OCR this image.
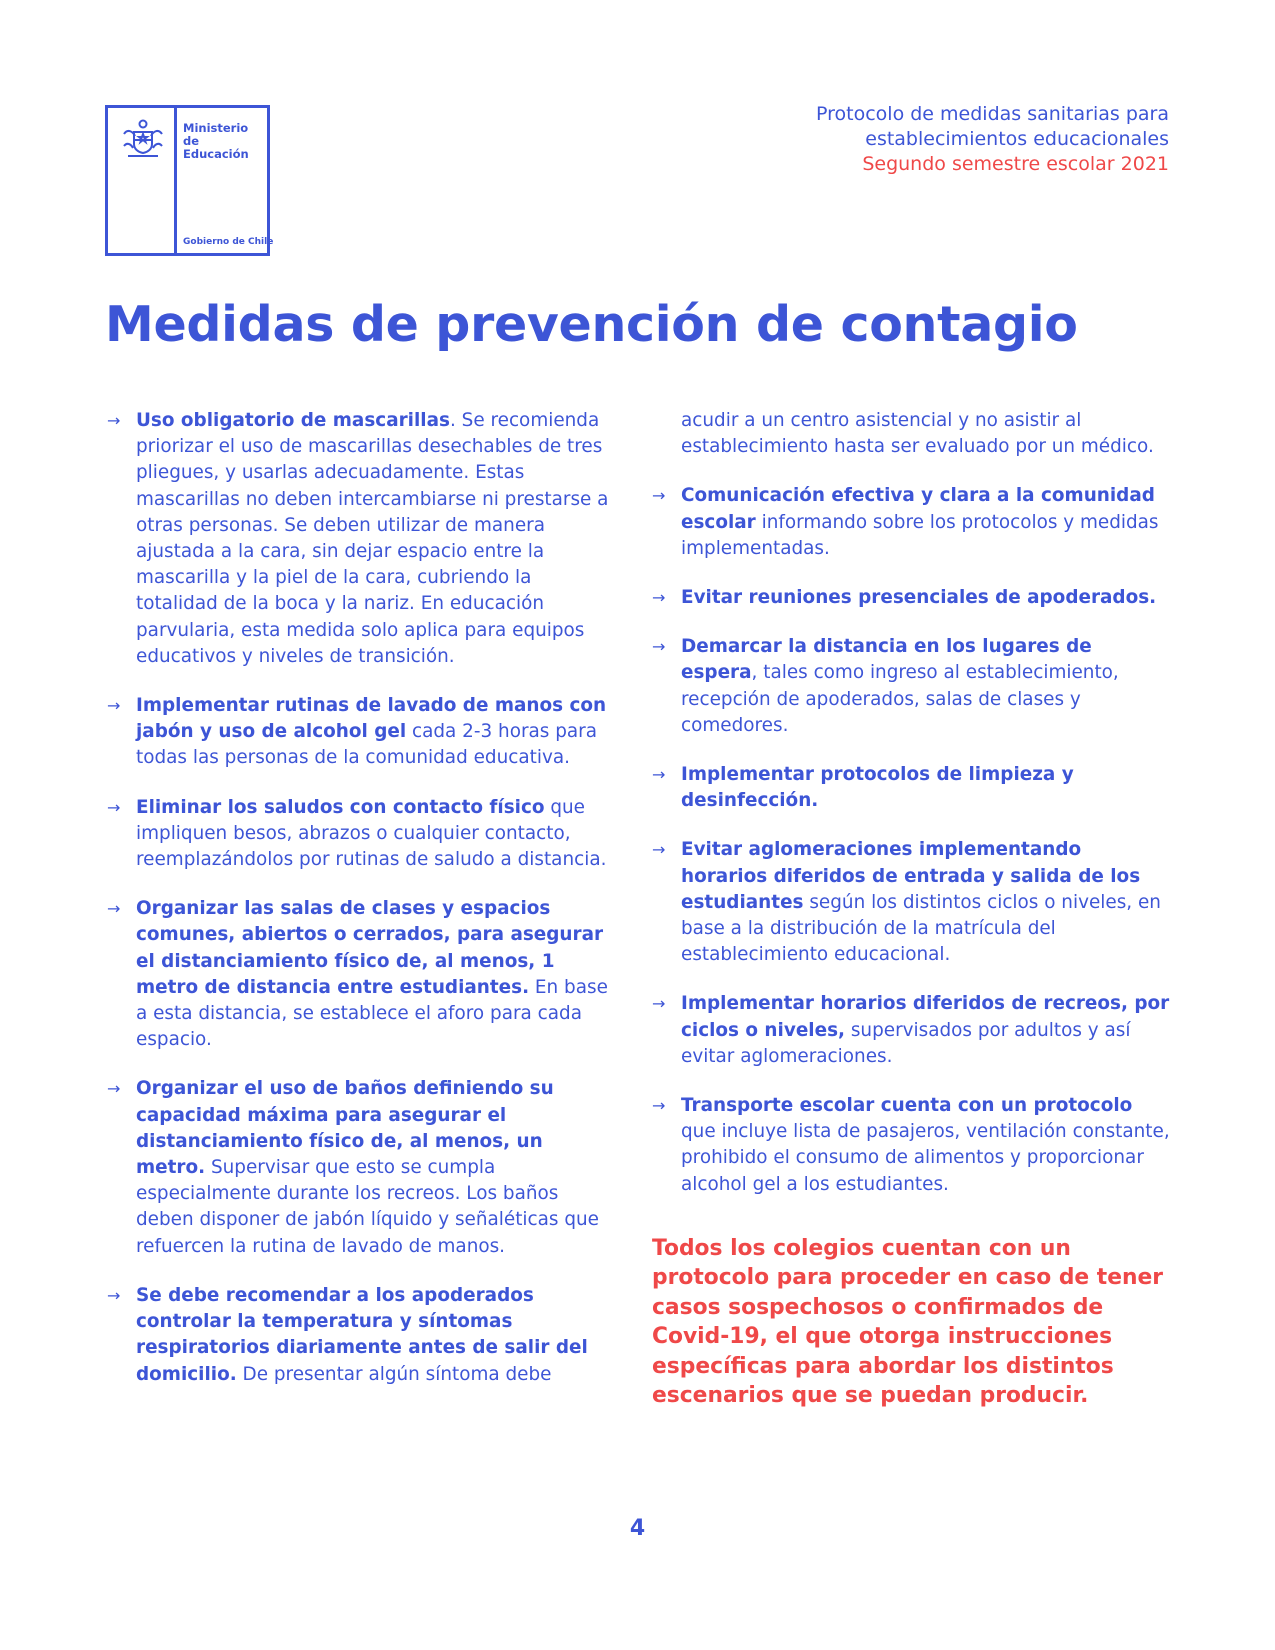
Ministerio de
Educación
Gobierno de Chile
Protocolo de medidas sanitarias para
establecimientos educacionales
Segundo semestre escolar 2021
Medidas de prevención de contagio
→ Uso obligatorio de mascarillas. Se recomienda priorizar el uso de mascarillas desechables de tres pliegues, y usarlas adecuadamente. Estas mascarillas no deben intercambiarse ni prestarse a otras personas. Se deben utilizar de manera ajustada a la cara, sin dejar espacio entre la mascarilla y la piel de la cara, cubriendo la totalidad de la boca y la nariz. En educación parvularia, esta medida solo aplica para equipos educativos y niveles de transición.
→ Implementar rutinas de lavado de manos con jabón y uso de alcohol gel cada 2-3 horas para todas las personas de la comunidad educativa.
→ Eliminar los saludos con contacto físico que impliquen besos, abrazos o cualquier contacto, reemplazándolos por rutinas de saludo a distancia.
→ Organizar las salas de clases y espacios comunes, abiertos o cerrados, para asegurar el distanciamiento físico de, al menos, 1 metro de distancia entre estudiantes. En base a esta distancia, se establece el aforo para cada espacio.
→ Organizar el uso de baños definiendo su capacidad máxima para asegurar el distanciamiento físico de, al menos, un metro. Supervisar que esto se cumpla especialmente durante los recreos. Los baños deben disponer de jabón líquido y señaléticas que refuercen la rutina de lavado de manos.
→ Se debe recomendar a los apoderados controlar la temperatura y síntomas respiratorios diariamente antes de salir del domicilio. De presentar algún síntoma debe
acudir a un centro asistencial y no asistir al establecimiento hasta ser evaluado por un médico.
→ Comunicación efectiva y clara a la comunidad escolar informando sobre los protocolos y medidas implementadas.
→ Evitar reuniones presenciales de apoderados.
→ Demarcar la distancia en los lugares de espera, tales como ingreso al establecimiento, recepción de apoderados, salas de clases y comedores.
→ Implementar protocolos de limpieza y desinfección.
→ Evitar aglomeraciones implementando horarios diferidos de entrada y salida de los estudiantes según los distintos ciclos o niveles, en base a la distribución de la matrícula del establecimiento educacional.
→ Implementar horarios diferidos de recreos, por ciclos o niveles, supervisados por adultos y así evitar aglomeraciones.
→ Transporte escolar cuenta con un protocolo que incluye lista de pasajeros, ventilación constante, prohibido el consumo de alimentos y proporcionar alcohol gel a los estudiantes.
Todos los colegios cuentan con un protocolo para proceder en caso de tener casos sospechosos o confirmados de Covid-19, el que otorga instrucciones específicas para abordar los distintos escenarios que se puedan producir.
4
